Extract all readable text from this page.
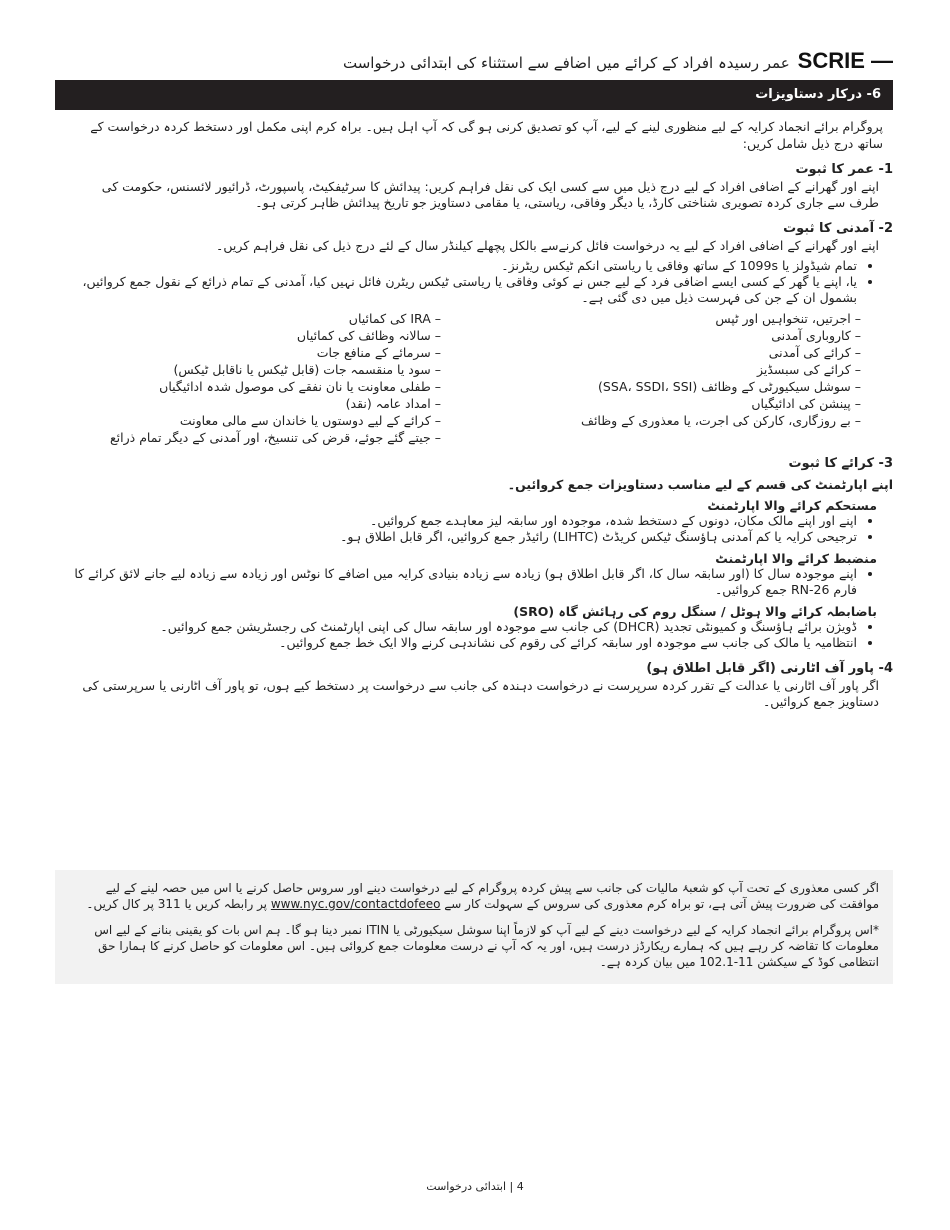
SCRIE —
عمر رسیدہ افراد کے کرائے میں اضافے سے استثناء کی ابتدائی درخواست
6- درکار دستاویزات
پروگرام برائے انجماد کرایہ کے لیے منظوری لینے کے لیے، آپ کو تصدیق کرنی ہو گی کہ آپ اہل ہیں۔ براہ کرم اپنی مکمل اور دستخط کردہ درخواست کے ساتھ درج ذیل شامل کریں:
1- عمر کا ثبوت
اپنے اور گھرانے کے اضافی افراد کے لیے درج ذیل میں سے کسی ایک کی نقل فراہم کریں: پیدائش کا سرٹیفکیٹ، پاسپورٹ، ڈرائیور لائسنس، حکومت کی طرف سے جاری کردہ تصویری شناختی کارڈ، یا دیگر وفاقی، ریاستی، یا مقامی دستاویز جو تاریخ پیدائش ظاہر کرتی ہو۔
2- آمدنی کا ثبوت
اپنے اور گھرانے کے اضافی افراد کے لیے یہ درخواست فائل کرنےسے بالکل پچھلے کیلنڈر سال کے لئے درج ذیل کی نقل فراہم کریں۔
• تمام شیڈولز یا 1099s کے ساتھ وفاقی یا ریاستی انکم ٹیکس ریٹرنز۔
• یا، اپنے یا گھر کے کسی ایسے اضافی فرد کے لیے جس نے کوئی وفاقی یا ریاستی ٹیکس ریٹرن فائل نہیں کیا، آمدنی کے تمام ذرائع کے نقول جمع کروائیں، بشمول ان کے جن کی فہرست ذیل میں دی گئی ہے۔
– اجرتیں، تنخواہیں اور ٹپس
– کاروباری آمدنی
– کرائے کی آمدنی
– کرائے کی سبسڈیز
– سوشل سیکیورٹی کے وظائف (SSA، SSDI، SSI)
– پینشن کی ادائیگیاں
– بے روزگاری، کارکن کی اجرت، یا معذوری کے وظائف
– IRA کی کمائیاں
– سالانہ وظائف کی کمائیاں
– سرمائے کے منافع جات
– سود یا منقسمہ جات (قابل ٹیکس یا ناقابل ٹیکس)
– طفلی معاونت یا نان نفقے کی موصول شدہ ادائیگیاں
– امداد عامہ (نقد)
– کرائے کے لیے دوستوں یا خاندان سے مالی معاونت
– جیتے گئے جوئے، قرض کی تنسیخ، اور آمدنی کے دیگر تمام ذرائع
3- کرائے کا ثبوت
اپنے اپارٹمنٹ کی قسم کے لیے مناسب دستاویزات جمع کروائیں۔
مستحکم کرائے والا اپارٹمنٹ
• اپنے اور اپنے مالک مکان، دونوں کے دستخط شدہ، موجودہ اور سابقہ لیز معاہدے جمع کروائیں۔
• ترجیحی کرایہ یا کم آمدنی ہاؤسنگ ٹیکس کریڈٹ (LIHTC) رائیڈر جمع کروائیں، اگر قابل اطلاق ہو۔
منضبط کرائے والا اپارٹمنٹ
• اپنے موجودہ سال کا (اور سابقہ سال کا، اگر قابل اطلاق ہو) زیادہ سے زیادہ بنیادی کرایہ میں اضافے کا نوٹس اور زیادہ سے زیادہ لیے جانے لائق کرائے کا فارم RN-26 جمع کروائیں۔
باضابطہ کرائے والا ہوٹل / سنگل روم کی رہائش گاہ (SRO)
• ڈویژن برائے ہاؤسنگ و کمیونٹی تجدید (DHCR) کی جانب سے موجودہ اور سابقہ سال کی اپنی اپارٹمنٹ کی رجسٹریشن جمع کروائیں۔
• انتظامیہ یا مالک کی جانب سے موجودہ اور سابقہ کرائے کی رقوم کی نشاندہی کرنے والا ایک خط جمع کروائیں۔
4- پاور آف اٹارنی (اگر قابل اطلاق ہو)
اگر پاور آف اٹارنی یا عدالت کے تقرر کردہ سرپرست نے درخواست دہندہ کی جانب سے درخواست پر دستخط کیے ہوں، تو پاور آف اٹارنی یا سرپرستی کی دستاویز جمع کروائیں۔

اگر کسی معذوری کے تحت آپ کو شعبۂ مالیات کی جانب سے پیش کردہ پروگرام کے لیے درخواست دینے اور سروس حاصل کرنے یا اس میں حصہ لینے کے لیے موافقت کی ضرورت پیش آتی ہے، تو براہ کرم معذوری کی سروس کے سہولت کار سے www.nyc.gov/contactdofeeo پر رابطہ کریں یا 311 پر کال کریں۔

*اس پروگرام برائے انجماد کرایہ کے لیے درخواست دینے کے لیے آپ کو لازماً اپنا سوشل سیکیورٹی یا ITIN نمبر دینا ہو گا۔ ہم اس بات کو یقینی بنانے کے لیے اس معلومات کا تقاضہ کر رہے ہیں کہ ہمارے ریکارڈز درست ہیں، اور یہ کہ آپ نے درست معلومات جمع کروائی ہیں۔ اس معلومات کو حاصل کرنے کا ہمارا حق انتظامی کوڈ کے سیکشن 11-102.1 میں بیان کردہ ہے۔

4 | ابتدائی درخواست
